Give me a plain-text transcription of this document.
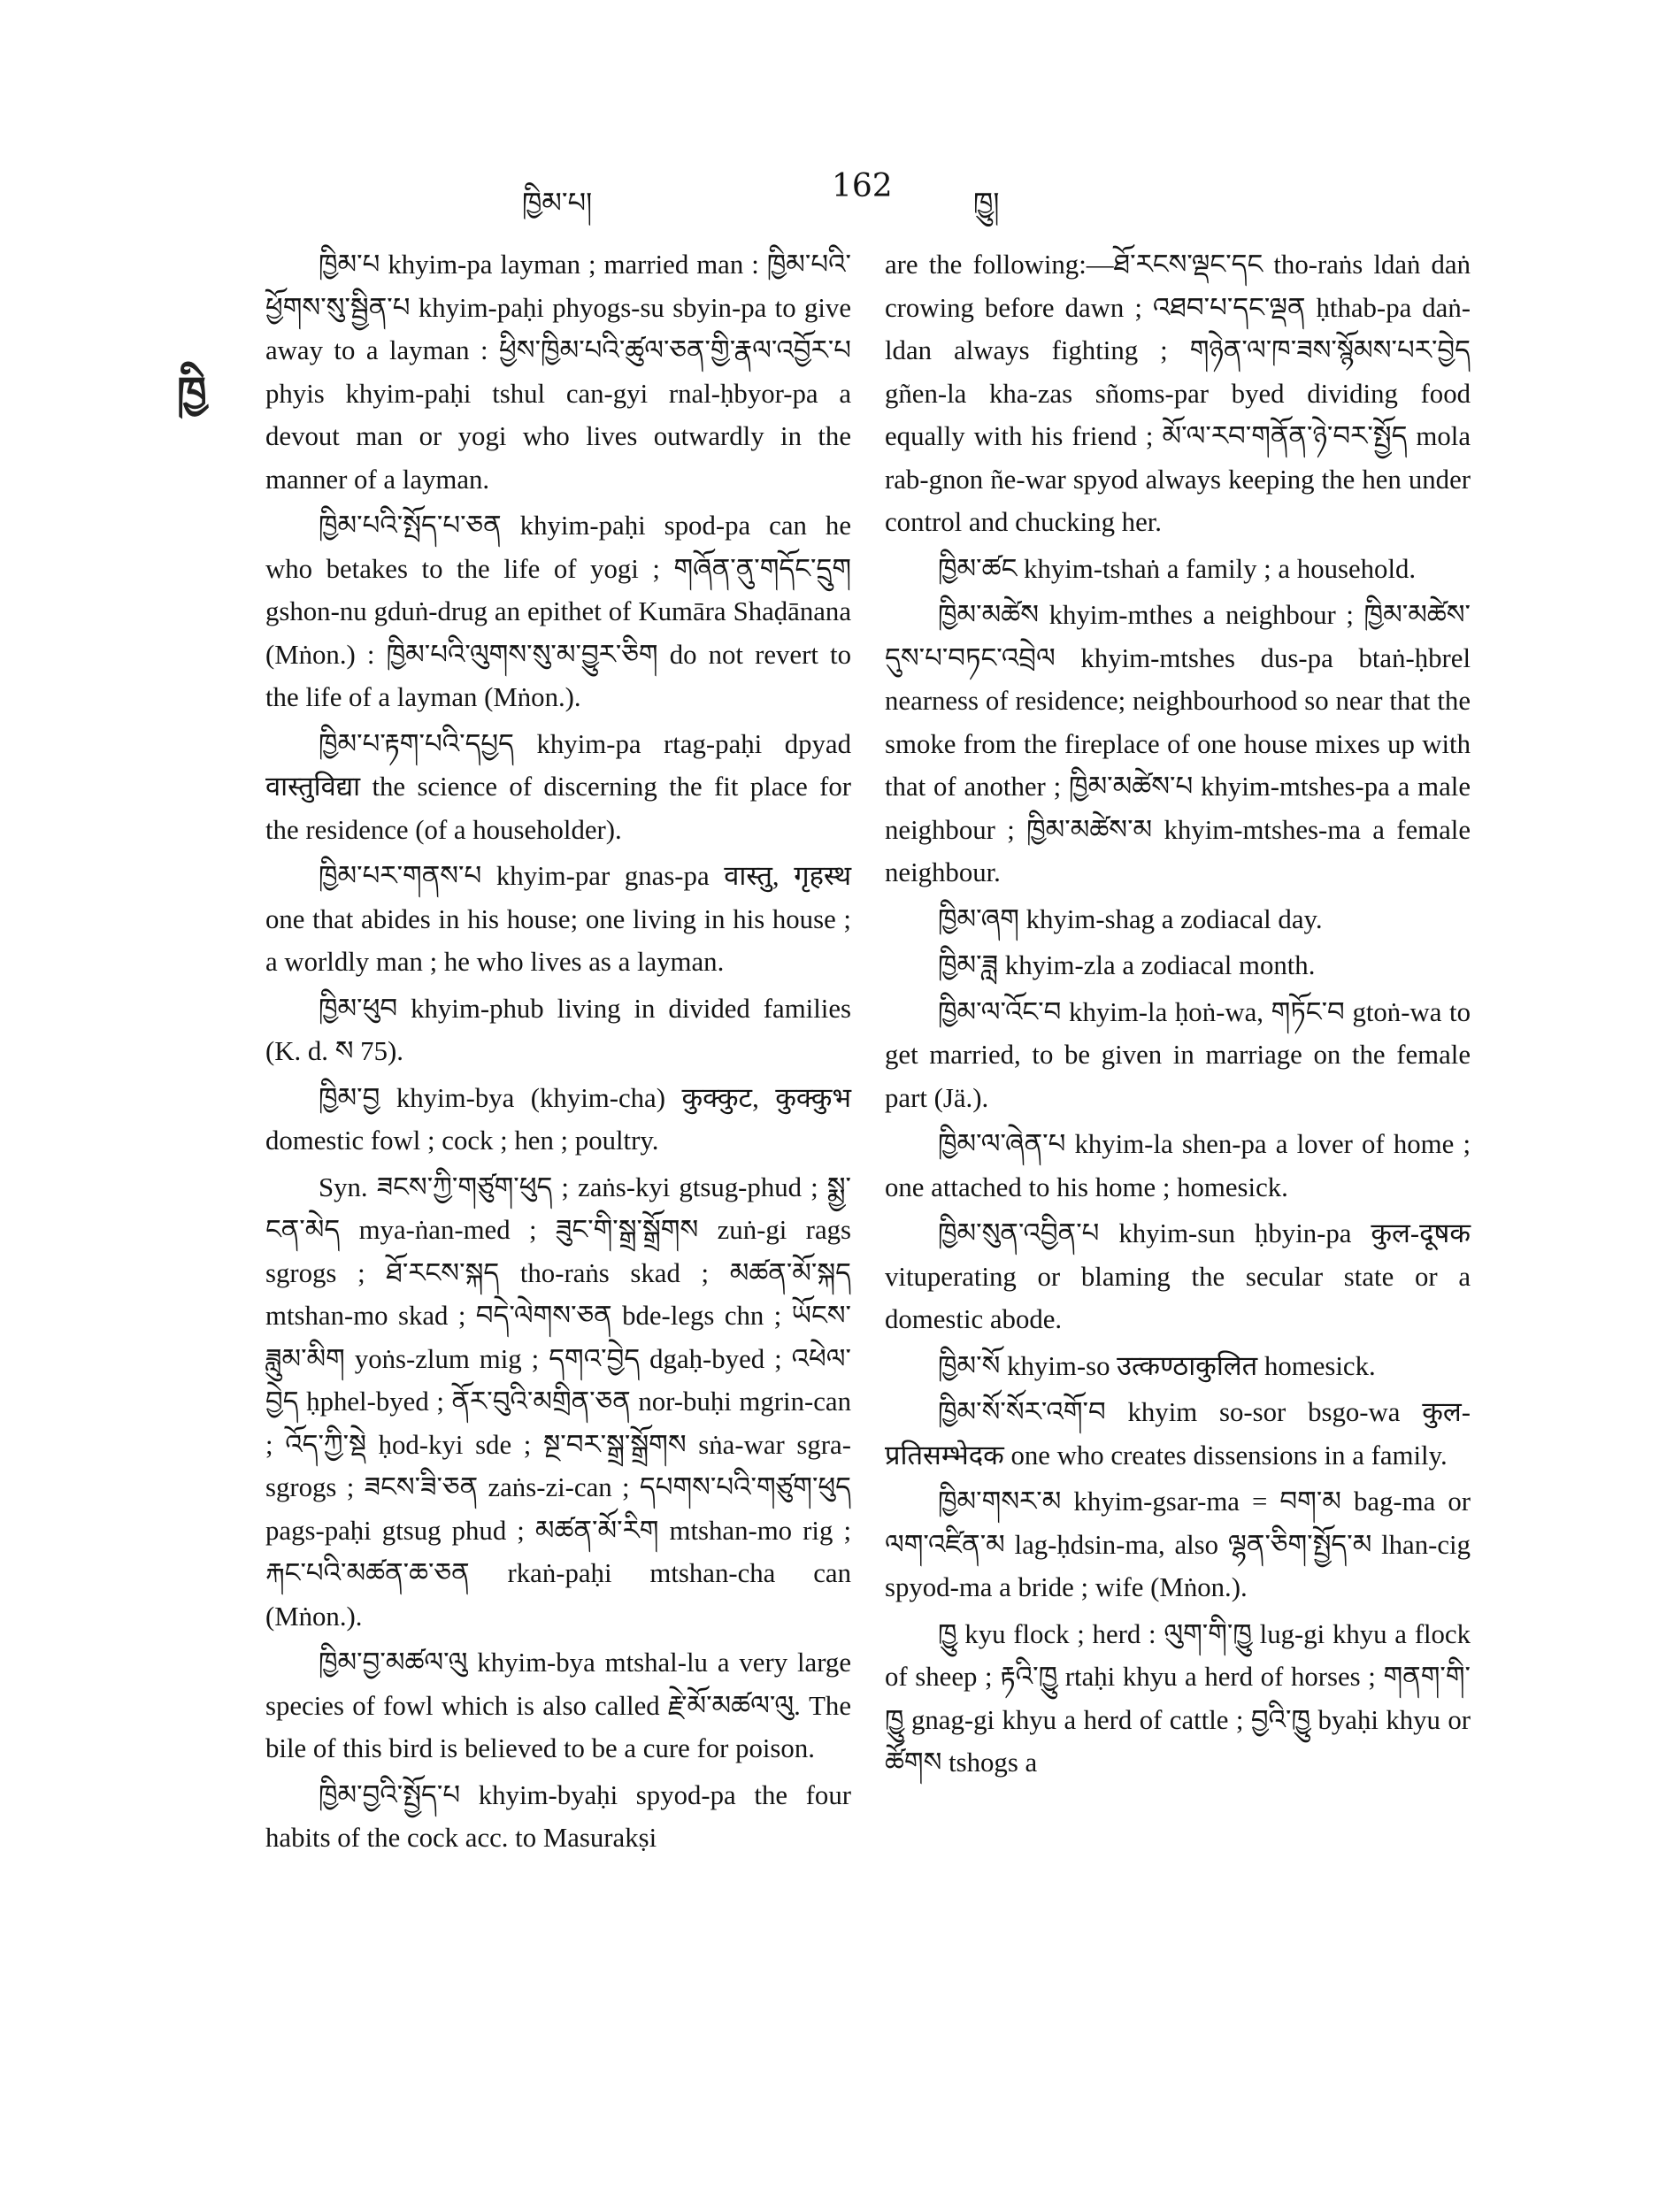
ཁྱིམ་པ།	162	ཁྱུ།
ཁྱི

ཁྱིམ་པ khyim-pa layman ; married man : ཁྱིམ་པའི་ཕྱོགས་སུ་སྦྱིན་པ khyim-paḥi phyogs-su sbyin-pa to give away to a layman : ཕྱིས་ཁྱིམ་པའི་ཚུལ་ཅན་གྱི་རྣལ་འབྱོར་པ phyis khyim-paḥi tshul can-gyi rnal-ḥbyor-pa a devout man or yogi who lives outwardly in the manner of a layman.

ཁྱིམ་པའི་སྤོད་པ་ཅན khyim-paḥi spod-pa can he who betakes to the life of yogi ; གཞོན་ནུ་གདོང་དྲུག gshon-nu gduṅ-drug an epithet of Kumāra Shaḍānana (Mṅon.) : ཁྱིམ་པའི་ལུགས་སུ་མ་བྱུར་ཅིག do not revert to the life of a layman (Mṅon.).

ཁྱིམ་པ་རྟག་པའི་དཔྱད khyim-pa rtag-paḥi dpyad वास्तुविद्या the science of discerning the fit place for the residence (of a householder).

ཁྱིམ་པར་གནས་པ khyim-par gnas-pa वास्तु, गृहस्थ one that abides in his house; one living in his house ; a worldly man ; he who lives as a layman.

ཁྱིམ་ཕུབ khyim-phub living in divided families (K. d. ས 75).

ཁྱིམ་བྱ khyim-bya (khyim-cha) कुक्कुट, कुक्कुभ domestic fowl ; cock ; hen ; poultry.

Syn. ཟངས་ཀྱི་གཙུག་ཕུད ; zaṅs-kyi gtsug-phud ; སྨྱ་ངན་མེད mya-ṅan-med ; ཟུང་གི་སྒྲ་སྒྲོགས zuṅ-gi rags sgrogs ; ཐོ་རངས་སྐད tho-raṅs skad ; མཚན་མོ་སྐད mtshan-mo skad ; བདེ་ལེགས་ཅན bde-legs chn ; ཡོངས་ཟླུམ་མིག yoṅs-zlum mig ; དགའ་བྱེད dgaḥ-byed ; འཕེལ་བྱེད ḥphel-byed ; ནོར་བུའི་མགྲིན་ཅན nor-buḥi mgrin-can ; འོད་ཀྱི་སྡེ ḥod-kyi sde ; སྔ་བར་སྒྲ་སྒྲོགས sṅa-war sgra-sgrogs ; ཟངས་ཟི་ཅན zaṅs-zi-can ; དཔགས་པའི་གཙུག་ཕུད pags-paḥi gtsug phud ; མཚན་མོ་རིག mtshan-mo rig ; རྐང་པའི་མཚན་ཆ་ཅན rkaṅ-paḥi mtshan-cha can (Mṅon.).

ཁྱིམ་བྱ་མཚལ་ལུ khyim-bya mtshal-lu a very large species of fowl which is also called རྗེ་མོ་མཚལ་ལུ. The bile of this bird is believed to be a cure for poison.

ཁྱིམ་བྱའི་སྤྱོད་པ khyim-byaḥi spyod-pa the four habits of the cock acc. to Masurakṣi

are the following:—ཐོ་རངས་ལྡང་དང tho-raṅs ldaṅ daṅ crowing before dawn ; འཐབ་པ་དང་ལྡན ḥthab-pa daṅ-ldan always fighting ; གཉེན་ལ་ཁ་ཟས་སྙོམས་པར་བྱེད gñen-la kha-zas sñoms-par byed dividing food equally with his friend ; མོ་ལ་རབ་གནོན་ཉེ་བར་སྤྱོད mola rab-gnon ñe-war spyod always keeping the hen under control and chucking her.

ཁྱིམ་ཚང khyim-tshaṅ a family ; a household.

ཁྱིམ་མཚེས khyim-mthes a neighbour ; ཁྱིམ་མཚེས་དུས་པ་བཏང་འབྲེལ khyim-mtshes dus-pa btaṅ-ḥbrel nearness of residence; neighbourhood so near that the smoke from the fireplace of one house mixes up with that of another ; ཁྱིམ་མཚེས་པ khyim-mtshes-pa a male neighbour ; ཁྱིམ་མཚེས་མ khyim-mtshes-ma a female neighbour.

ཁྱིམ་ཞག khyim-shag a zodiacal day.

ཁྱིམ་ཟླ khyim-zla a zodiacal month.

ཁྱིམ་ལ་འོང་བ khyim-la ḥoṅ-wa, གཏོང་བ gtoṅ-wa to get married, to be given in marriage on the female part (Jä.).

ཁྱིམ་ལ་ཞེན་པ khyim-la shen-pa a lover of home ; one attached to his home ; homesick.

ཁྱིམ་སུན་འབྱིན་པ khyim-sun ḥbyin-pa कुल-दूषक vituperating or blaming the secular state or a domestic abode.

ཁྱིམ་སོ khyim-so उत्कण्ठाकुलित homesick.

ཁྱིམ་སོ་སོར་འགོ་བ khyim so-sor bsgo-wa कुल-प्रतिसम्भेदक one who creates dissensions in a family.

ཁྱིམ་གསར་མ khyim-gsar-ma = བག་མ bag-ma or ལག་འཛིན་མ lag-ḥdsin-ma, also ལྷན་ཅིག་སྤྱོད་མ lhan-cig spyod-ma a bride ; wife (Mṅon.).

ཁྱུ kyu flock ; herd : ལུག་གི་ཁྱུ lug-gi khyu a flock of sheep ; རྟའི་ཁྱུ rtaḥi khyu a herd of horses ; གནག་གི་ཁྱུ gnag-gi khyu a herd of cattle ; བྱའི་ཁྱུ byaḥi khyu or ཚོགས tshogs a
